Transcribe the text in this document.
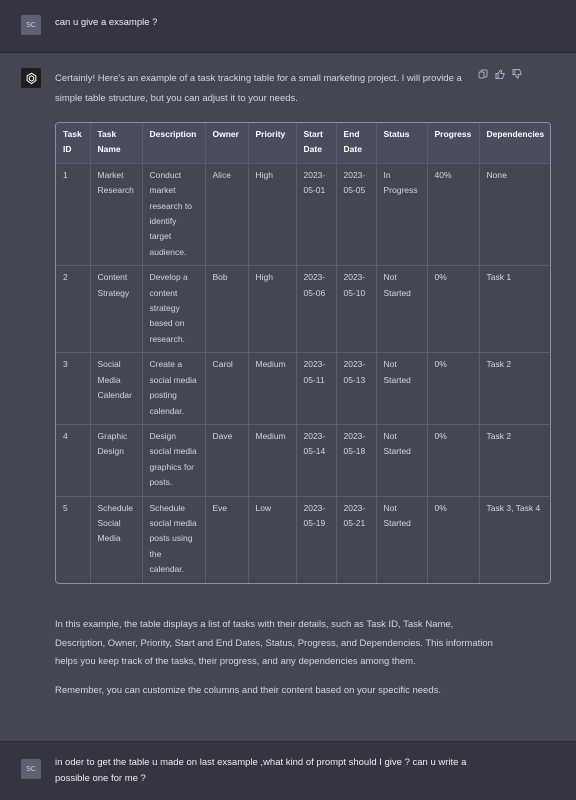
SC	can u give a exsample ?
Certainly! Here's an example of a task tracking table for a small marketing project. I will provide a simple table structure, but you can adjust it to your needs.
Task ID	Task Name	Description	Owner	Priority	Start Date	End Date	Status	Progress	Dependencies
1	Market Research	Conduct market research to identify target audience.	Alice	High	2023-05-01	2023-05-05	In Progress	40%	None
2	Content Strategy	Develop a content strategy based on research.	Bob	High	2023-05-06	2023-05-10	Not Started	0%	Task 1
3	Social Media Calendar	Create a social media posting calendar.	Carol	Medium	2023-05-11	2023-05-13	Not Started	0%	Task 2
4	Graphic Design	Design social media graphics for posts.	Dave	Medium	2023-05-14	2023-05-18	Not Started	0%	Task 2
5	Schedule Social Media	Schedule social media posts using the calendar.	Eve	Low	2023-05-19	2023-05-21	Not Started	0%	Task 3, Task 4

In this example, the table displays a list of tasks with their details, such as Task ID, Task Name, Description, Owner, Priority, Start and End Dates, Status, Progress, and Dependencies. This information helps you keep track of the tasks, their progress, and any dependencies among them.

Remember, you can customize the columns and their content based on your specific needs.

SC
in oder to get the table u made on last exsample ,what kind of prompt should I give ? can u write a possible one for me ?
